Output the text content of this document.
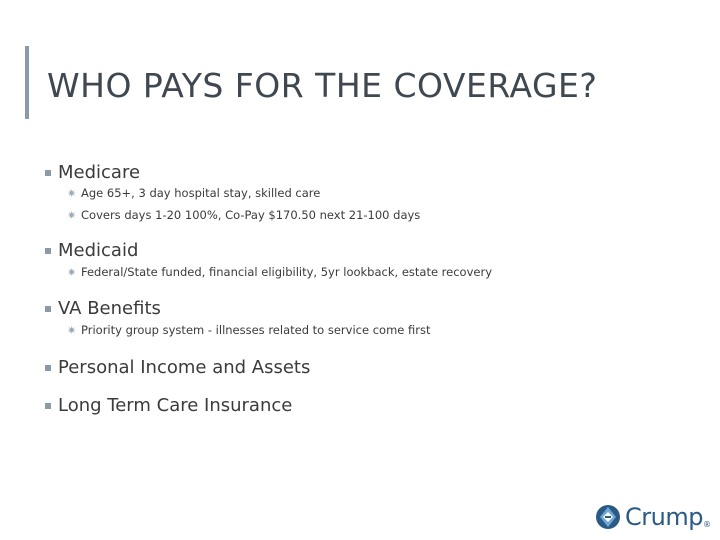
WHO PAYS FOR THE COVERAGE?
Medicare
✷ Age 65+, 3 day hospital stay, skilled care
✷ Covers days 1-20 100%, Co-Pay $170.50 next 21-100 days
Medicaid
✷ Federal/State funded, financial eligibility, 5yr lookback, estate recovery
VA Benefits
✷ Priority group system - illnesses related to service come first
Personal Income and Assets
Long Term Care Insurance
Crump ®
